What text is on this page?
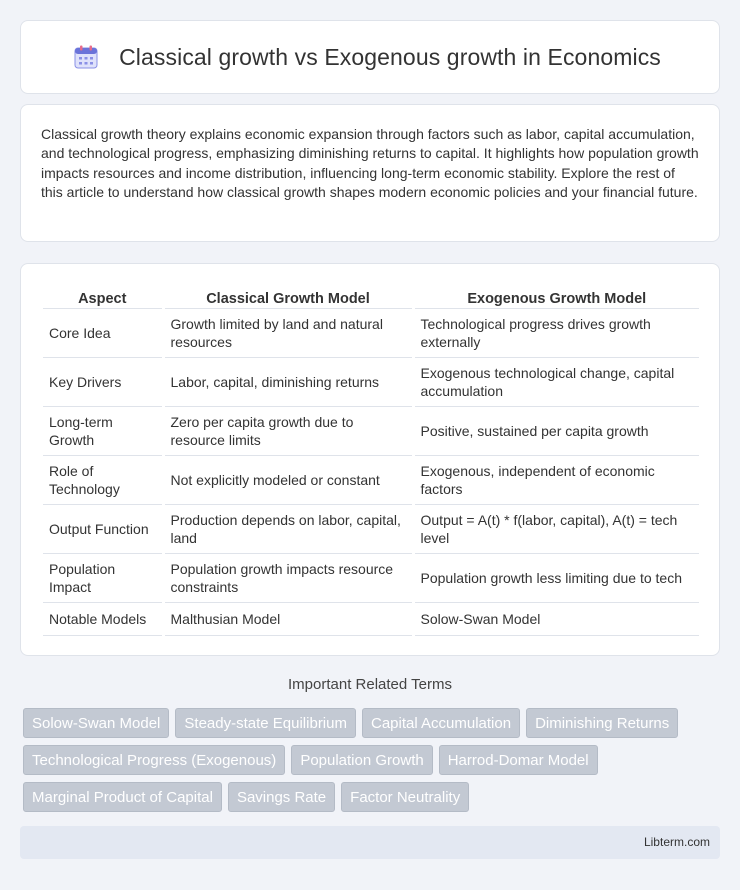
Classical growth vs Exogenous growth in Economics

Classical growth theory explains economic expansion through factors such as labor, capital accumulation, and technological progress, emphasizing diminishing returns to capital. It highlights how population growth impacts resources and income distribution, influencing long-term economic stability. Explore the rest of this article to understand how classical growth shapes modern economic policies and your financial future.

Aspect	Classical Growth Model	Exogenous Growth Model
Core Idea	Growth limited by land and natural resources	Technological progress drives growth externally
Key Drivers	Labor, capital, diminishing returns	Exogenous technological change, capital accumulation
Long-term Growth	Zero per capita growth due to resource limits	Positive, sustained per capita growth
Role of Technology	Not explicitly modeled or constant	Exogenous, independent of economic factors
Output Function	Production depends on labor, capital, land	Output = A(t) * f(labor, capital), A(t) = tech level
Population Impact	Population growth impacts resource constraints	Population growth less limiting due to tech
Notable Models	Malthusian Model	Solow-Swan Model
Important Related Terms
Solow-Swan Model	Steady-state Equilibrium	Capital Accumulation	Diminishing Returns
Technological Progress (Exogenous)	Population Growth	Harrod-Domar Model
Marginal Product of Capital	Savings Rate	Factor Neutrality
Libterm.com
